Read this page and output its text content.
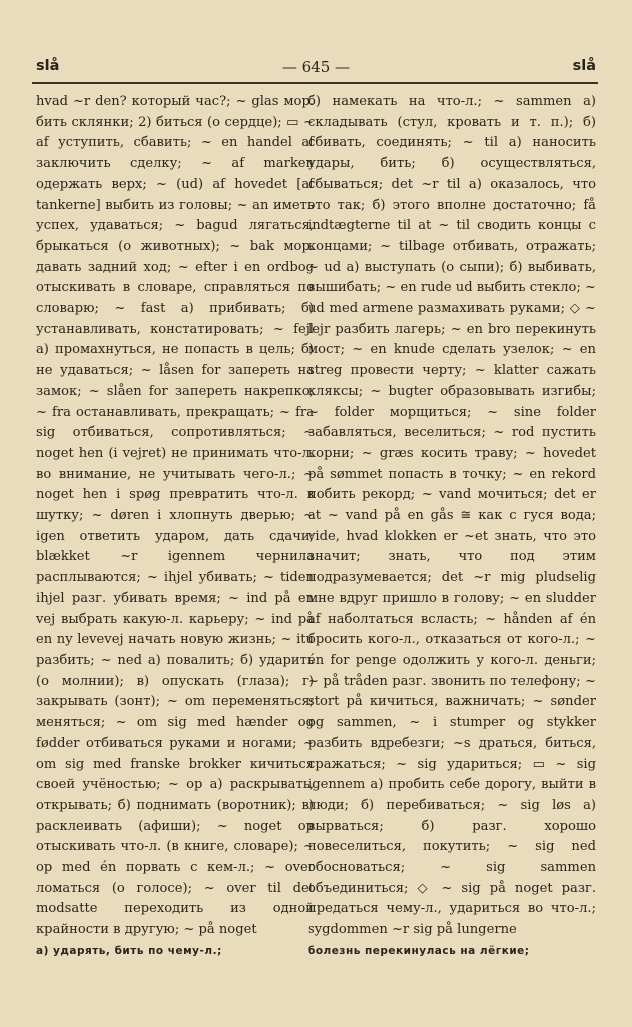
slå	— 645 —	slå

hvad ~r den? который час?; ~ glas мор. бить склянки; 2) биться (о сердце); ▭ ~ af уступить, сбавить; ~ en handel af заключить сделку; ~ af marken одержать верх; ~ (ud) af hovedet [af tankerne] выбить из головы; ~ an иметь успех, удаваться; ~ bagud лягаться, брыкаться (о животных); ~ bak мор. давать задний ход; ~ efter i en ordbog отыскивать в словаре, справляться по словарю; ~ fast а) прибивать; б) устанавливать, констатировать; ~ fejl а) промахнуться, не попасть в цель; б) не удаваться; ~ låsen for запереть на замок; ~ slåen for запереть накрепко; ~ fra останавливать, прекращать; ~ fra sig отбиваться, сопротивляться; ~ noget hen (i vejret) не принимать что-л. во внимание, не учитывать чего-л.; ~ noget hen i spøg превратить что-л. в шутку; ~ døren i хлопнуть дверью; ~ igen ответить ударом, дать сдачи; blækket ~r igennem чернила расплываются; ~ ihjel убивать; ~ tiden ihjel разг. убивать время; ~ ind på en vej выбрать какую-л. карьеру; ~ ind på en ny levevej начать новую жизнь; ~ itu разбить; ~ ned а) повалить; б) ударить (о молнии); в) опускать (глаза); г) закрывать (зонт); ~ om переменяться; меняться; ~ om sig med hænder og fødder отбиваться руками и ногами; ~ om sig med franske brokker кичиться своей учёностью; ~ op а) раскрывать, открывать; б) поднимать (воротник); в) расклеивать (афиши); ~ noget op отыскивать что-л. (в книге, словаре); ~ op med én порвать с кем-л.; ~ over ломаться (о голосе); ~ over til det modsatte переходить из одной крайности в другую; ~ på noget

а) ударять, бить по чему-л.;

б) намекать на что-л.; ~ sammen а) складывать (стул, кровать и т. п.); б) сбивать, соединять; ~ til а) наносить удары, бить; б) осуществляться, сбываться; det ~r til а) оказалось, что это так; б) этого вполне достаточно; få indtægterne til at ~ til сводить концы с концами; ~ tilbage отбивать, отражать; ~ ud а) выступать (о сыпи); б) выбивать, вышибать; ~ en rude ud выбить стекло; ~ ud med armene размахивать руками; ◇ ~ lejr разбить лагерь; ~ en bro перекинуть мост; ~ en knude сделать узелок; ~ en streg провести черту; ~ klatter сажать кляксы; ~ bugter образовывать изгибы; ~ folder морщиться; ~ sine folder забавляться, веселиться; ~ rod пустить корни; ~ græs косить траву; ~ hovedet på sømmet попасть в точку; ~ en rekord побить рекорд; ~ vand мочиться; det er at ~ vand på en gås ≅ как с гуся вода; vide, hvad klokken er ~et знать, что это значит; знать, что под этим подразумевается; det ~r mig pludselig мне вдруг пришло в голову; ~ en sludder af наболтаться всласть; ~ hånden af én бросить кого-л., отказаться от кого-л.; ~ én for penge одолжить у кого-л. деньги; ~ på tråden разг. звонить по телефону; ~ stort på кичиться, важничать; ~ sønder og sammen, ~ i stumper og stykker разбить вдребезги; ~s драться, биться, сражаться; ~ sig удариться; ▭ ~ sig igennem а) пробить себе дорогу, выйти в люди; б) перебиваться; ~ sig løs а) вырваться; б) разг. хорошо повеселиться, покутить; ~ sig ned обосноваться; ~ sig sammen объединиться; ◇ ~ sig på noget разг. предаться чему-л., удариться во что-л.; sygdommen ~r sig på lungerne

болезнь перекинулась на лёгкие;
